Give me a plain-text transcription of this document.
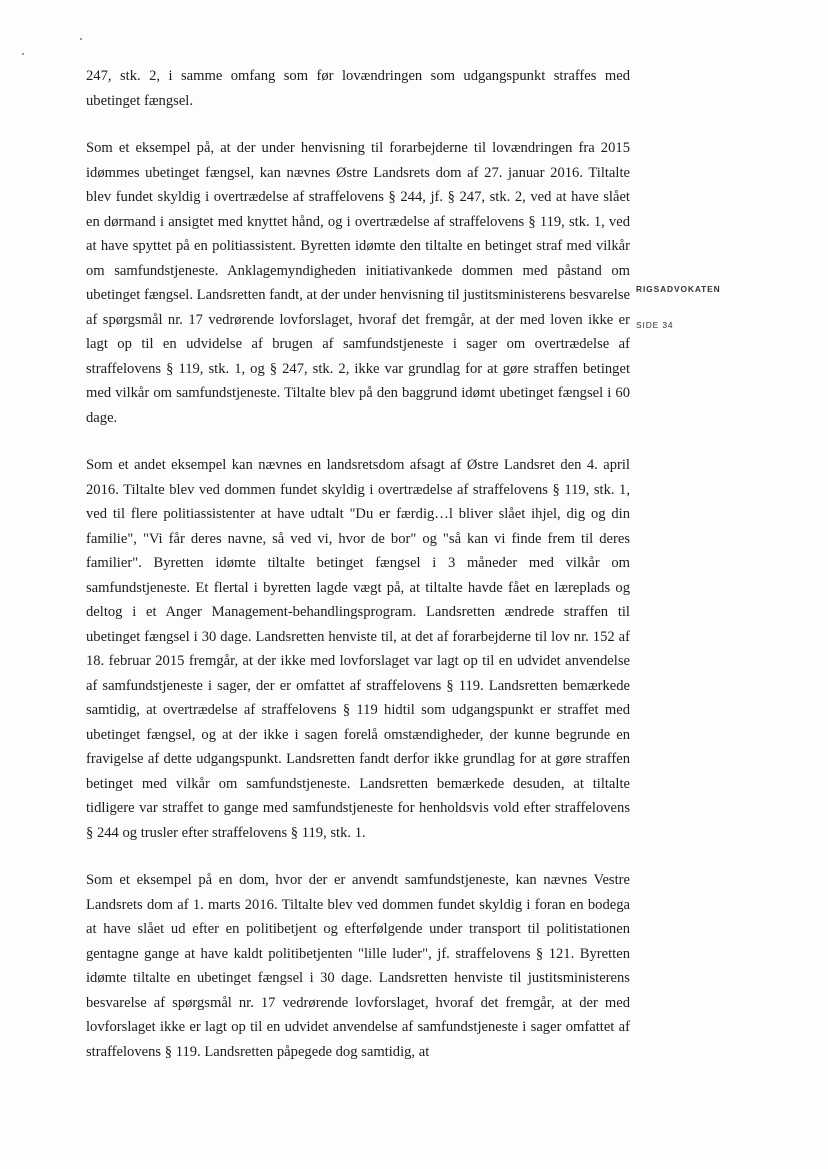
247, stk. 2, i samme omfang som før lovændringen som udgangspunkt straffes med ubetinget fængsel.

Som et eksempel på, at der under henvisning til forarbejderne til lovændringen fra 2015 idømmes ubetinget fængsel, kan nævnes Østre Landsrets dom af 27. januar 2016. Tiltalte blev fundet skyldig i overtrædelse af straffelovens § 244, jf. § 247, stk. 2, ved at have slået en dørmand i ansigtet med knyttet hånd, og i overtrædelse af straffelovens § 119, stk. 1, ved at have spyttet på en politiassistent. Byretten idømte den tiltalte en betinget straf med vilkår om samfundstjeneste. Anklagemyndigheden initiativankede dommen med påstand om ubetinget fængsel. Landsretten fandt, at der under henvisning til justitsministerens besvarelse af spørgsmål nr. 17 vedrørende lovforslaget, hvoraf det fremgår, at der med loven ikke er lagt op til en udvidelse af brugen af samfundstjeneste i sager om overtrædelse af straffelovens § 119, stk. 1, og § 247, stk. 2, ikke var grundlag for at gøre straffen betinget med vilkår om samfundstjeneste. Tiltalte blev på den baggrund idømt ubetinget fængsel i 60 dage.

Som et andet eksempel kan nævnes en landsretsdom afsagt af Østre Landsret den 4. april 2016. Tiltalte blev ved dommen fundet skyldig i overtrædelse af straffelovens § 119, stk. 1, ved til flere politiassistenter at have udtalt "Du er færdig…l bliver slået ihjel, dig og din familie", "Vi får deres navne, så ved vi, hvor de bor" og "så kan vi finde frem til deres familier". Byretten idømte tiltalte betinget fængsel i 3 måneder med vilkår om samfundstjeneste. Et flertal i byretten lagde vægt på, at tiltalte havde fået en læreplads og deltog i et Anger Management-behandlingsprogram. Landsretten ændrede straffen til ubetinget fængsel i 30 dage. Landsretten henviste til, at det af forarbejderne til lov nr. 152 af 18. februar 2015 fremgår, at der ikke med lovforslaget var lagt op til en udvidet anvendelse af samfundstjeneste i sager, der er omfattet af straffelovens § 119. Landsretten bemærkede samtidig, at overtrædelse af straffelovens § 119 hidtil som udgangspunkt er straffet med ubetinget fængsel, og at der ikke i sagen forelå omstændigheder, der kunne begrunde en fravigelse af dette udgangspunkt. Landsretten fandt derfor ikke grundlag for at gøre straffen betinget med vilkår om samfundstjeneste. Landsretten bemærkede desuden, at tiltalte tidligere var straffet to gange med samfundstjeneste for henholdsvis vold efter straffelovens § 244 og trusler efter straffelovens § 119, stk. 1.

Som et eksempel på en dom, hvor der er anvendt samfundstjeneste, kan nævnes Vestre Landsrets dom af 1. marts 2016. Tiltalte blev ved dommen fundet skyldig i foran en bodega at have slået ud efter en politibetjent og efterfølgende under transport til politistationen gentagne gange at have kaldt politibetjenten "lille luder", jf. straffelovens § 121. Byretten idømte tiltalte en ubetinget fængsel i 30 dage. Landsretten henviste til justitsministerens besvarelse af spørgsmål nr. 17 vedrørende lovforslaget, hvoraf det fremgår, at der med lovforslaget ikke er lagt op til en udvidet anvendelse af samfundstjeneste i sager omfattet af straffelovens § 119. Landsretten påpegede dog samtidig, at

RIGSADVOKATEN
SIDE 34
